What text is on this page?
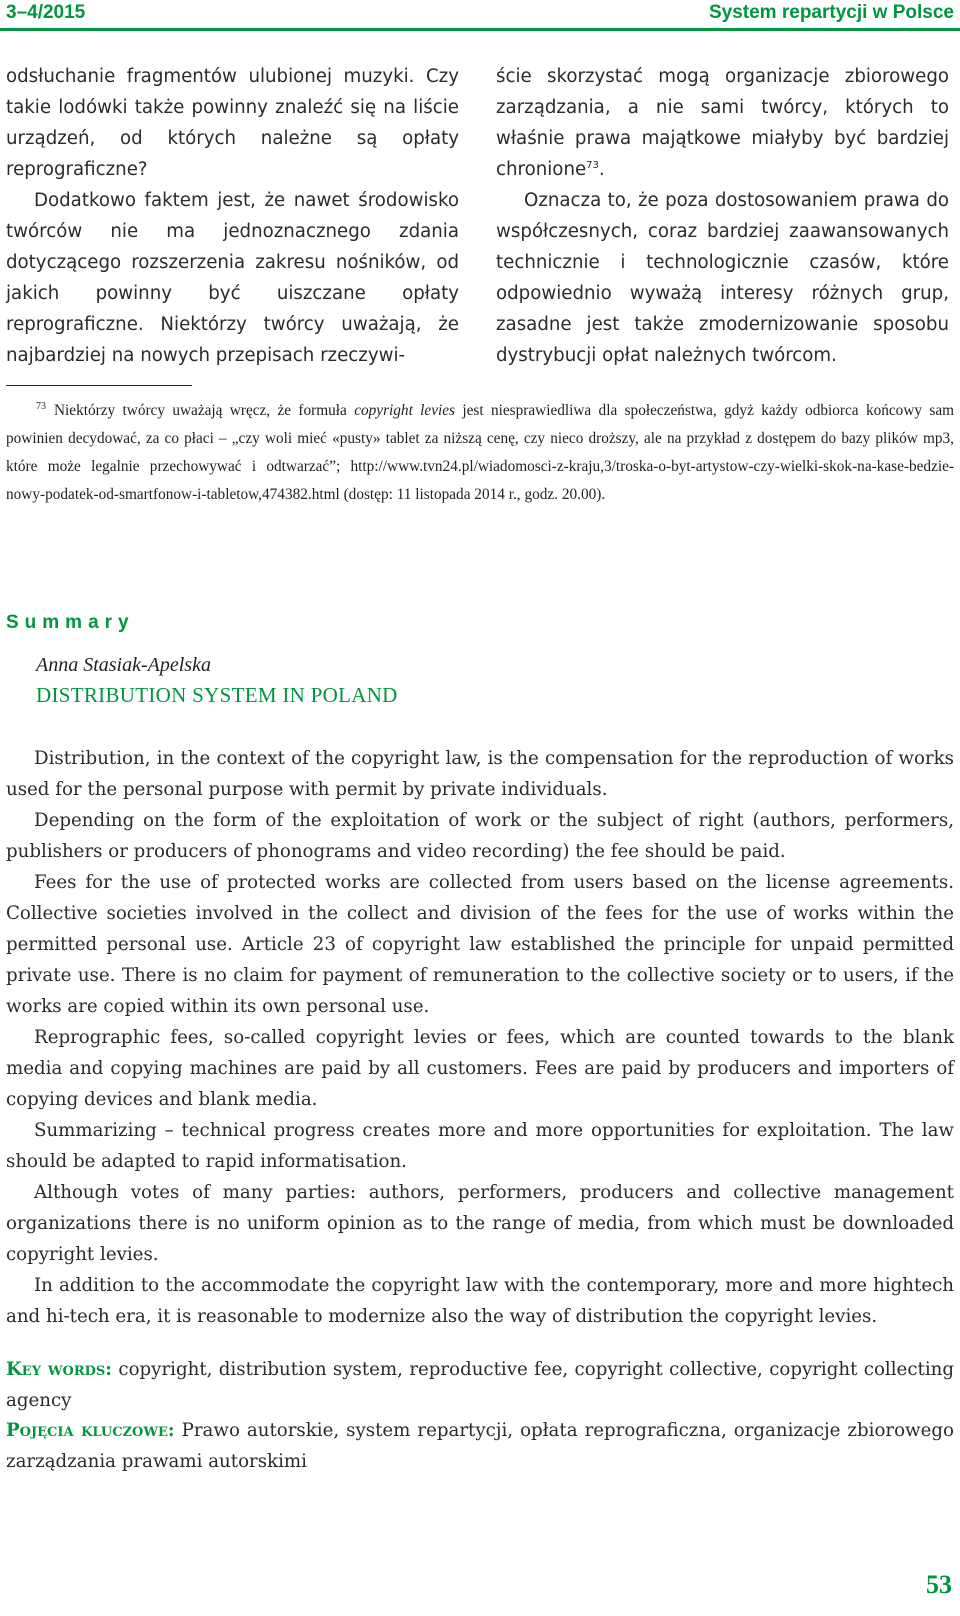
3–4/2015	System repartycji w Polsce

odsłuchanie fragmentów ulubionej muzyki. Czy takie lodówki także powinny znaleźć się na liście urządzeń, od których należne są opłaty reprograficzne?

Dodatkowo faktem jest, że nawet środowisko twórców nie ma jednoznacznego zdania dotyczącego rozszerzenia zakresu nośników, od jakich powinny być uiszczane opłaty reprograficzne. Niektórzy twórcy uważają, że najbardziej na nowych przepisach rzeczywi-

ście skorzystać mogą organizacje zbiorowego zarządzania, a nie sami twórcy, których to właśnie prawa majątkowe miałyby być bardziej chronione$^{73}$.

Oznacza to, że poza dostosowaniem prawa do współczesnych, coraz bardziej zaawansowanych technicznie i technologicznie czasów, które odpowiednio wyważą interesy różnych grup, zasadne jest także zmodernizowanie sposobu dystrybucji opłat należnych twórcom.

$^{73}$ Niektórzy twórcy uważają wręcz, że formuła copyright levies jest niesprawiedliwa dla społeczeństwa, gdyż każdy odbiorca końcowy sam powinien decydować, za co płaci – „czy woli mieć «pusty» tablet za niższą cenę, czy nieco droższy, ale na przykład z dostępem do bazy plików mp3, które może legalnie przechowywać i odtwarzać”; http://www.tvn24.pl/wiadomosci-z-kraju,3/troska-o-byt-artystow-czy-wielki-skok-na-kase-bedzie-nowy-podatek-od-smartfonow-i-tabletow,474382.html (dostęp: 11 listopada 2014 r., godz. 20.00).
Summary
Anna Stasiak-Apelska
DISTRIBUTION SYSTEM IN POLAND

Distribution, in the context of the copyright law, is the compensation for the reproduction of works used for the personal purpose with permit by private individuals.

Depending on the form of the exploitation of work or the subject of right (authors, performers, publishers or producers of phonograms and video recording) the fee should be paid.

Fees for the use of protected works are collected from users based on the license agreements. Collective societies involved in the collect and division of the fees for the use of works within the permitted personal use. Article 23 of copyright law established the principle for unpaid permitted private use. There is no claim for payment of remuneration to the collective society or to users, if the works are copied within its own personal use.

Reprographic fees, so-called copyright levies or fees, which are counted towards to the blank media and copying machines are paid by all customers. Fees are paid by producers and importers of copying devices and blank media.

Summarizing – technical progress creates more and more opportunities for exploitation. The law should be adapted to rapid informatisation.

Although votes of many parties: authors, performers, producers and collective management organizations there is no uniform opinion as to the range of media, from which must be downloaded copyright levies.

In addition to the accommodate the copyright law with the contemporary, more and more hightech and hi-tech era, it is reasonable to modernize also the way of distribution the copyright levies.

Key words: copyright, distribution system, reproductive fee, copyright collective, copyright collecting agency
Pojęcia kluczowe: Prawo autorskie, system repartycji, opłata reprograficzna, organizacje zbiorowego zarządzania prawami autorskimi
53
